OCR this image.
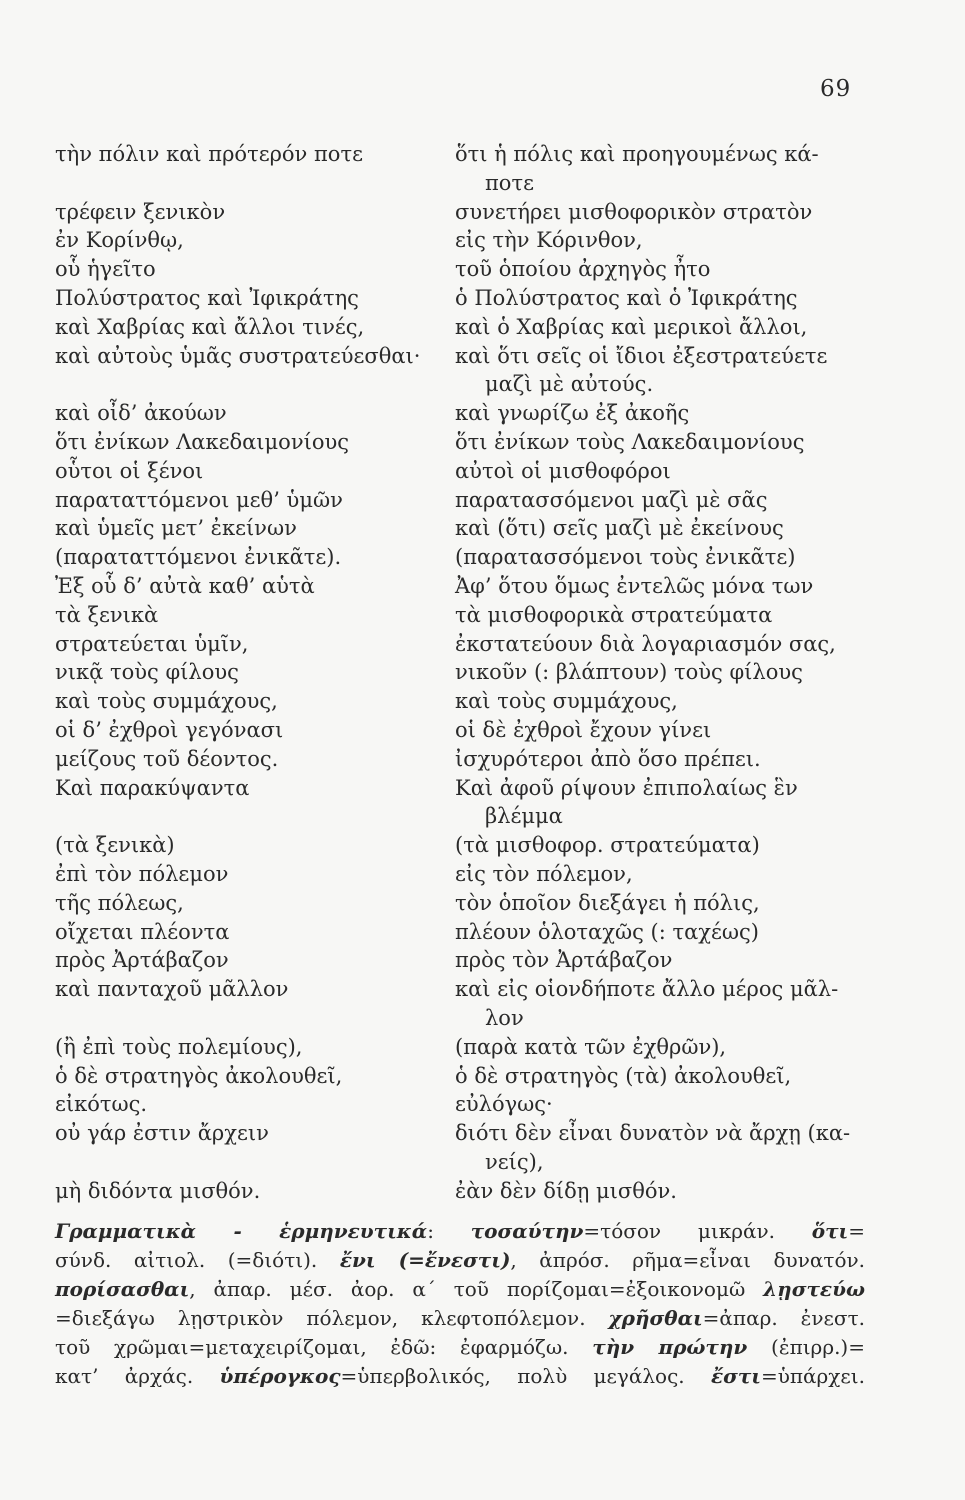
69
τὴν πόλιν καὶ πρότερόν ποτε
τρέφειν ξενικὸν
ἐν Κορίνθῳ,
οὗ ἡγεῖτο
Πολύστρατος καὶ Ἰφικράτης
καὶ Χαβρίας καὶ ἄλλοι τινές,
καὶ αὐτοὺς ὑμᾶς συστρατεύεσθαι·
καὶ οἶδ’ ἀκούων
ὅτι ἐνίκων Λακεδαιμονίους
οὗτοι οἱ ξένοι
παραταττόμενοι μεθ’ ὑμῶν
καὶ ὑμεῖς μετ’ ἐκείνων
(παραταττόμενοι ἐνικᾶτε).
Ἐξ οὗ δ’ αὐτὰ καθ’ αὑτὰ
τὰ ξενικὰ
στρατεύεται ὑμῖν,
νικᾷ τοὺς φίλους
καὶ τοὺς συμμάχους,
οἱ δ’ ἐχθροὶ γεγόνασι
μείζους τοῦ δέοντος.
Καὶ παρακύψαντα
(τὰ ξενικὰ)
ἐπὶ τὸν πόλεμον
τῆς πόλεως,
οἴχεται πλέοντα
πρὸς Ἀρτάβαζον
καὶ πανταχοῦ μᾶλλον
(ἢ ἐπὶ τοὺς πολεμίους),
ὁ δὲ στρατηγὸς ἀκολουθεῖ,
εἰκότως.
οὐ γάρ ἐστιν ἄρχειν
μὴ διδόντα μισθόν.
ὅτι ἡ πόλις καὶ προηγουμένως κά-
ποτε
συνετήρει μισθοφορικὸν στρατὸν
εἰς τὴν Κόρινθον,
τοῦ ὁποίου ἀρχηγὸς ἦτο
ὁ Πολύστρατος καὶ ὁ Ἰφικράτης
καὶ ὁ Χαβρίας καὶ μερικοὶ ἄλλοι,
καὶ ὅτι σεῖς οἱ ἴδιοι ἐξεστρατεύετε
μαζὶ μὲ αὐτούς.
καὶ γνωρίζω ἐξ ἀκοῆς
ὅτι ἐνίκων τοὺς Λακεδαιμονίους
αὐτοὶ οἱ μισθοφόροι
παρατασσόμενοι μαζὶ μὲ σᾶς
καὶ (ὅτι) σεῖς μαζὶ μὲ ἐκείνους
(παρατασσόμενοι τοὺς ἐνικᾶτε)
Ἀφ’ ὅτου ὅμως ἐντελῶς μόνα των
τὰ μισθοφορικὰ στρατεύματα
ἐκστατεύουν διὰ λογαριασμόν σας,
νικοῦν (: βλάπτουν) τοὺς φίλους
καὶ τοὺς συμμάχους,
οἱ δὲ ἐχθροὶ ἔχουν γίνει
ἰσχυρότεροι ἀπὸ ὅσο πρέπει.
Καὶ ἀφοῦ ρίψουν ἐπιπολαίως ἓν
βλέμμα
(τὰ μισθοφορ. στρατεύματα)
εἰς τὸν πόλεμον,
τὸν ὁποῖον διεξάγει ἡ πόλις,
πλέουν ὁλοταχῶς (: ταχέως)
πρὸς τὸν Ἀρτάβαζον
καὶ εἰς οἱονδήποτε ἄλλο μέρος μᾶλ-
λον
(παρὰ κατὰ τῶν ἐχθρῶν),
ὁ δὲ στρατηγὸς (τὰ) ἀκολουθεῖ,
εὐλόγως·
διότι δὲν εἶναι δυνατὸν νὰ ἄρχῃ (κα-
νείς),
ἐὰν δὲν δίδῃ μισθόν.
Γραμματικὰ - ἑρμηνευτικά: τοσαύτην=τόσον μικράν. ὅτι=
σύνδ. αἰτιολ. (=διότι). ἔνι (=ἔνεστι), ἀπρόσ. ρῆμα=εἶναι δυνατόν.
πορίσασθαι, ἀπαρ. μέσ. ἀορ. α΄ τοῦ πορίζομαι=ἐξοικονομῶ λῃστεύω
=διεξάγω λῃστρικὸν πόλεμον, κλεφτοπόλεμον. χρῆσθαι=ἀπαρ. ἐνεστ.
τοῦ χρῶμαι=μεταχειρίζομαι, ἐδῶ: ἐφαρμόζω. τὴν πρώτην (ἐπιρρ.)=
κατ’ ἀρχάς. ὑπέρογκος=ὑπερβολικός, πολὺ μεγάλος. ἔστι=ὑπάρχει.
